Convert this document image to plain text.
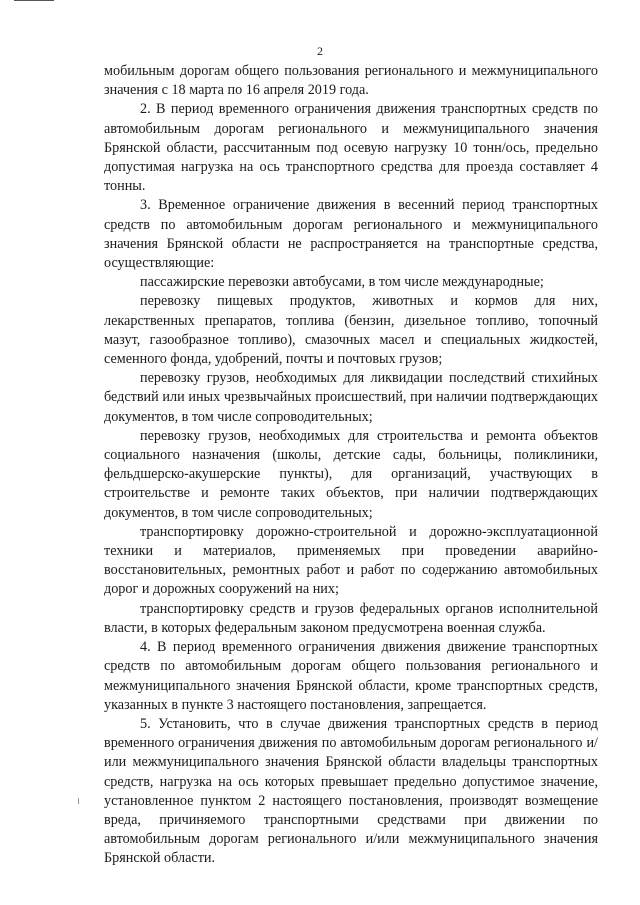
2

мобильным дорогам общего пользования регионального и межмуниципального значения с 18 марта по 16 апреля 2019 года.

2. В период временного ограничения движения транспортных средств по автомобильным дорогам регионального и межмуниципального значения Брянской области, рассчитанным под осевую нагрузку 10 тонн/ось, предельно допустимая нагрузка на ось транспортного средства для проезда составляет 4 тонны.

3. Временное ограничение движения в весенний период транспортных средств по автомобильным дорогам регионального и межмуниципального значения Брянской области не распространяется на транспортные средства, осуществляющие:

пассажирские перевозки автобусами, в том числе международные;

перевозку пищевых продуктов, животных и кормов для них, лекарственных препаратов, топлива (бензин, дизельное топливо, топочный мазут, газообразное топливо), смазочных масел и специальных жидкостей, семенного фонда, удобрений, почты и почтовых грузов;

перевозку грузов, необходимых для ликвидации последствий стихийных бедствий или иных чрезвычайных происшествий, при наличии подтверждающих документов, в том числе сопроводительных;

перевозку грузов, необходимых для строительства и ремонта объектов социального назначения (школы, детские сады, больницы, поликлиники, фельдшерско-акушерские пункты), для организаций, участвующих в строительстве и ремонте таких объектов, при наличии подтверждающих документов, в том числе сопроводительных;

транспортировку дорожно-строительной и дорожно-эксплуатационной техники и материалов, применяемых при проведении аварийно-восстановительных, ремонтных работ и работ по содержанию автомобильных дорог и дорожных сооружений на них;

транспортировку средств и грузов федеральных органов исполнительной власти, в которых федеральным законом предусмотрена военная служба.

4. В период временного ограничения движения движение транспортных средств по автомобильным дорогам общего пользования регионального и межмуниципального значения Брянской области, кроме транспортных средств, указанных в пункте 3 настоящего постановления, запрещается.

5. Установить, что в случае движения транспортных средств в период временного ограничения движения по автомобильным дорогам регионального и/или межмуниципального значения Брянской области владельцы транспортных средств, нагрузка на ось которых превышает предельно допустимое значение, установленное пунктом 2 настоящего постановления, производят возмещение вреда, причиняемого транспортными средствами при движении по автомобильным дорогам регионального и/или межмуниципального значения Брянской области.
